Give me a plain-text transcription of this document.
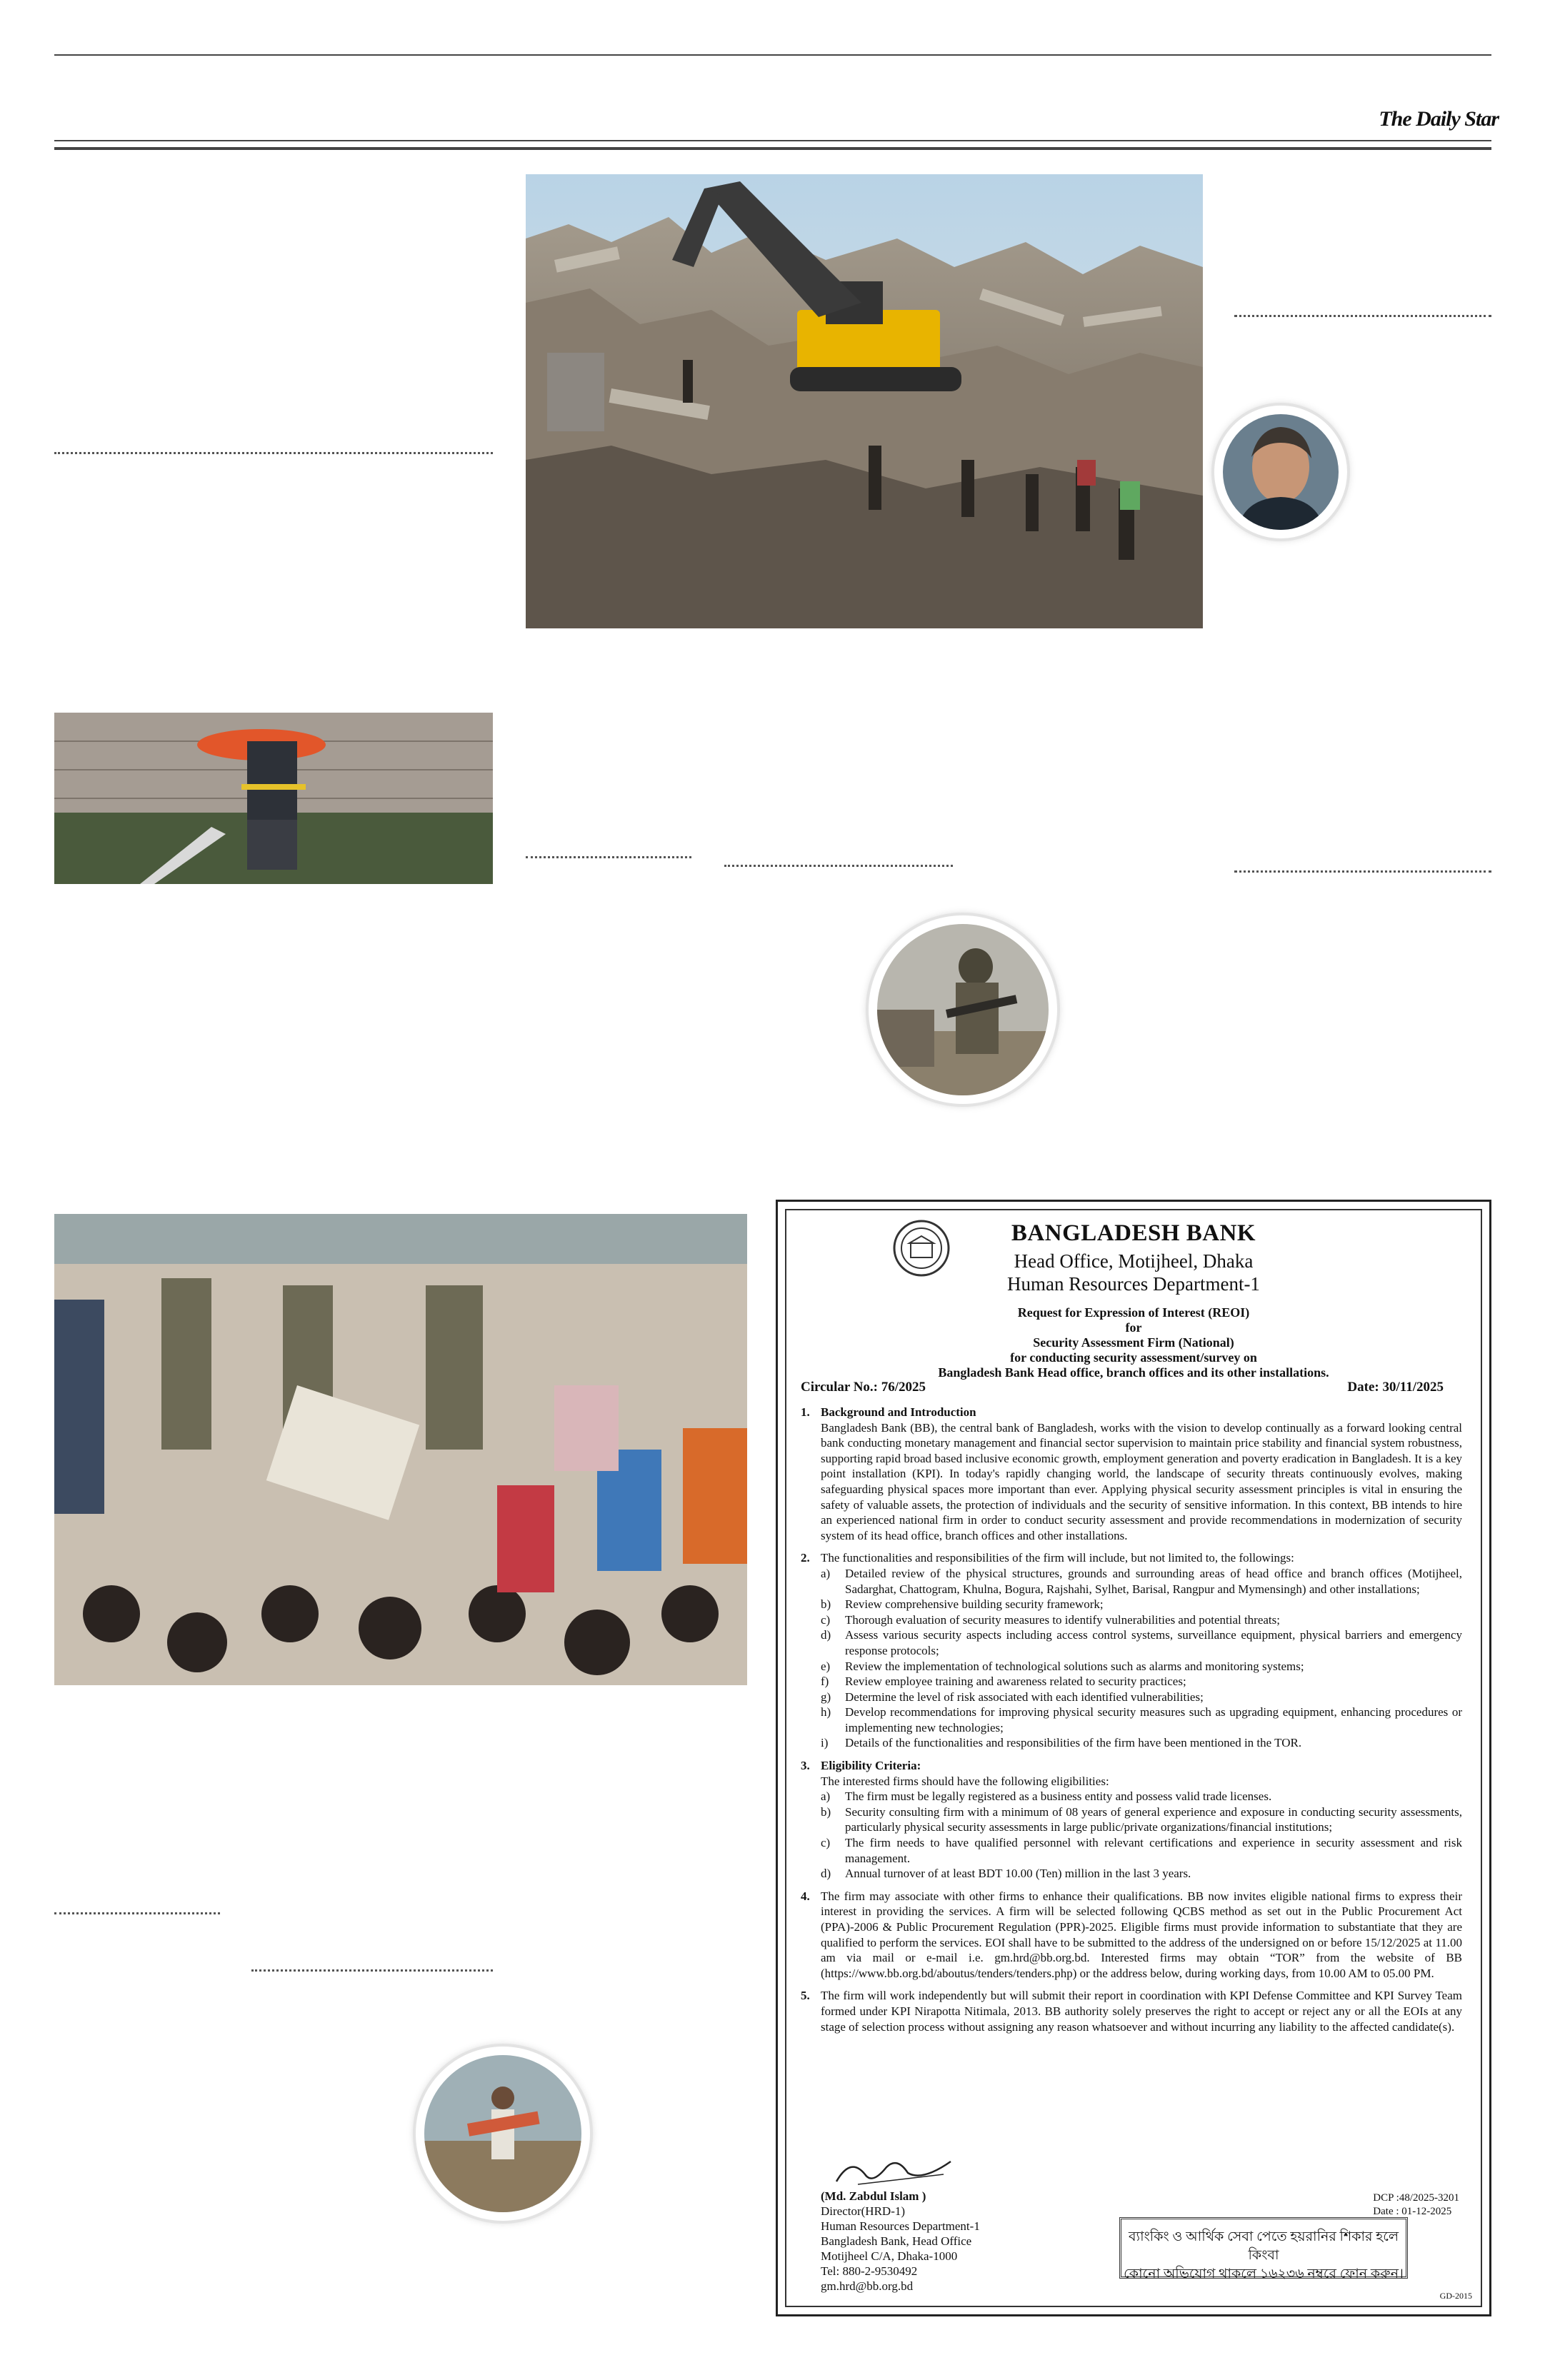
The Daily Star
BANGLADESH BANK
Head Office, Motijheel, Dhaka
Human Resources Department-1
Request for Expression of Interest (REOI)
for
Security Assessment Firm (National)
for conducting security assessment/survey on
Bangladesh Bank Head office, branch offices and its other installations.
Circular No.: 76/2025	Date: 30/11/2025
1. Background and Introduction
Bangladesh Bank (BB), the central bank of Bangladesh, works with the vision to develop continually as a forward looking central bank conducting monetary management and financial sector supervision to maintain price stability and financial system robustness, supporting rapid broad based inclusive economic growth, employment generation and poverty eradication in Bangladesh. It is a key point installation (KPI). In today's rapidly changing world, the landscape of security threats continuously evolves, making safeguarding physical spaces more important than ever. Applying physical security assessment principles is vital in ensuring the safety of valuable assets, the protection of individuals and the security of sensitive information. In this context, BB intends to hire an experienced national firm in order to conduct security assessment and provide recommendations in modernization of security system of its head office, branch offices and other installations.
2. The functionalities and responsibilities of the firm will include, but not limited to, the followings:
a)	Detailed review of the physical structures, grounds and surrounding areas of head office and branch offices (Motijheel, Sadarghat, Chattogram, Khulna, Bogura, Rajshahi, Sylhet, Barisal, Rangpur and Mymensingh) and other installations;
b)	Review comprehensive building security framework;
c)	Thorough evaluation of security measures to identify vulnerabilities and potential threats;
d)	Assess various security aspects including access control systems, surveillance equipment, physical barriers and emergency response protocols;
e)	Review the implementation of technological solutions such as alarms and monitoring systems;
f)	Review employee training and awareness related to security practices;
g)	Determine the level of risk associated with each identified vulnerabilities;
h)	Develop recommendations for improving physical security measures such as upgrading equipment, enhancing procedures or implementing new technologies;
i)	Details of the functionalities and responsibilities of the firm have been mentioned in the TOR.
3. Eligibility Criteria:
The interested firms should have the following eligibilities:
a)	The firm must be legally registered as a business entity and possess valid trade licenses.
b)	Security consulting firm with a minimum of 08 years of general experience and exposure in conducting security assessments, particularly physical security assessments in large public/private organizations/financial institutions;
c)	The firm needs to have qualified personnel with relevant certifications and experience in security assessment and risk management.
d)	Annual turnover of at least BDT 10.00 (Ten) million in the last 3 years.
4. The firm may associate with other firms to enhance their qualifications. BB now invites eligible national firms to express their interest in providing the services. A firm will be selected following QCBS method as set out in the Public Procurement Act (PPA)-2006 & Public Procurement Regulation (PPR)-2025. Eligible firms must provide information to substantiate that they are qualified to perform the services. EOI shall have to be submitted to the address of the undersigned on or before 15/12/2025 at 11.00 am via mail or e-mail i.e. gm.hrd@bb.org.bd. Interested firms may obtain “TOR” from the website of BB (https://www.bb.org.bd/aboutus/tenders/tenders.php) or the address below, during working days, from 10.00 AM to 05.00 PM.
5. The firm will work independently but will submit their report in coordination with KPI Defense Committee and KPI Survey Team formed under KPI Nirapotta Nitimala, 2013. BB authority solely preserves the right to accept or reject any or all the EOIs at any stage of selection process without assigning any reason whatsoever and without incurring any liability to the affected candidate(s).
(Md. Zabdul Islam )
Director(HRD-1)
Human Resources Department-1
Bangladesh Bank, Head Office
Motijheel C/A, Dhaka-1000
Tel: 880-2-9530492
gm.hrd@bb.org.bd
DCP :48/2025-3201
Date : 01-12-2025
ব্যাংকিং ও আর্থিক সেবা পেতে হয়রানির শিকার হলে কিংবা
কোনো অভিযোগ থাকলে ১৬২৩৬ নম্বরে ফোন করুন।
GD-2015
